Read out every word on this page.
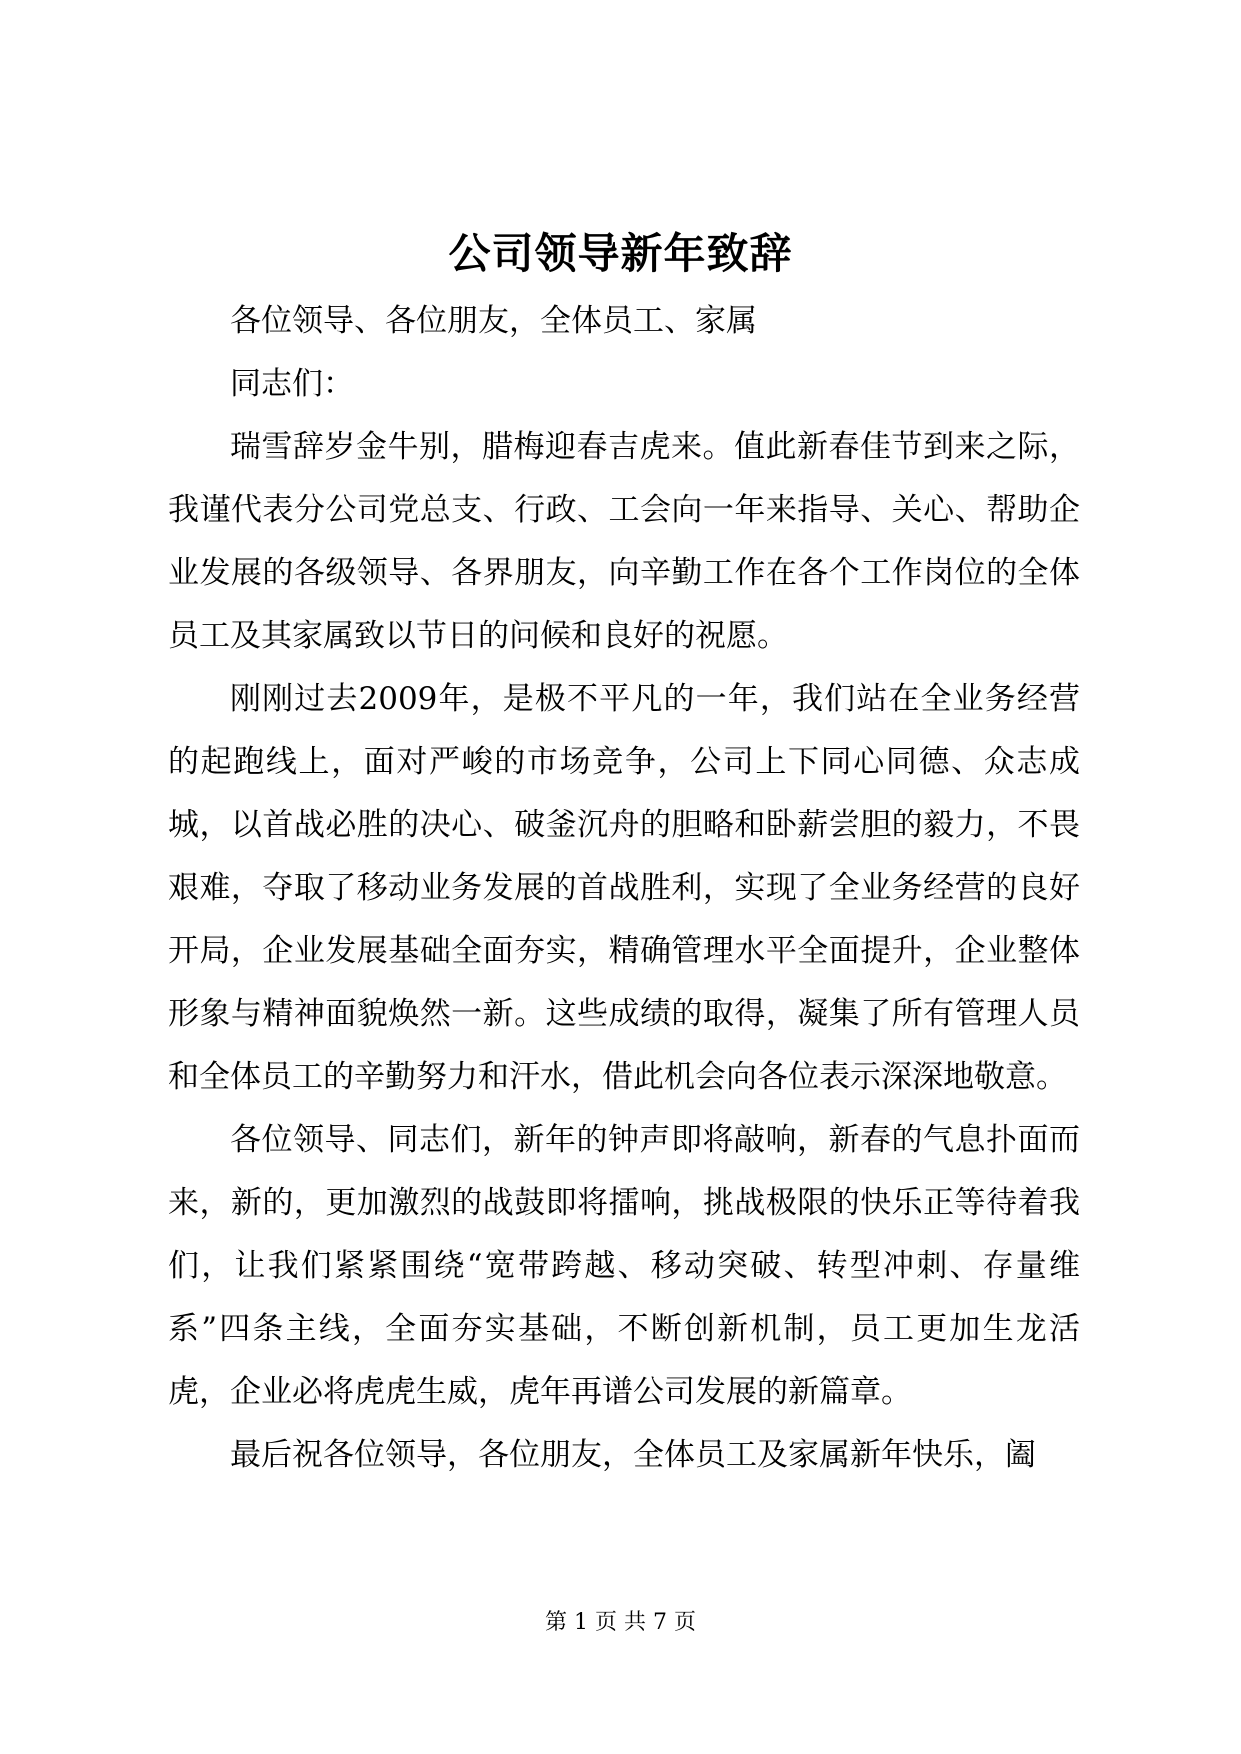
公司领导新年致辞

各位领导、各位朋友，全体员工、家属

同志们：

瑞雪辞岁金牛别，腊梅迎春吉虎来。值此新春佳节到来之际，我谨代表分公司党总支、行政、工会向一年来指导、关心、帮助企业发展的各级领导、各界朋友，向辛勤工作在各个工作岗位的全体员工及其家属致以节日的问候和良好的祝愿。

刚刚过去2009年，是极不平凡的一年，我们站在全业务经营的起跑线上，面对严峻的市场竞争，公司上下同心同德、众志成城，以首战必胜的决心、破釜沉舟的胆略和卧薪尝胆的毅力，不畏艰难，夺取了移动业务发展的首战胜利，实现了全业务经营的良好开局，企业发展基础全面夯实，精确管理水平全面提升，企业整体形象与精神面貌焕然一新。这些成绩的取得，凝集了所有管理人员和全体员工的辛勤努力和汗水，借此机会向各位表示深深地敬意。

各位领导、同志们，新年的钟声即将敲响，新春的气息扑面而来，新的，更加激烈的战鼓即将擂响，挑战极限的快乐正等待着我们，让我们紧紧围绕“宽带跨越、移动突破、转型冲刺、存量维系”四条主线，全面夯实基础，不断创新机制，员工更加生龙活虎，企业必将虎虎生威，虎年再谱公司发展的新篇章。

最后祝各位领导，各位朋友，全体员工及家属新年快乐，阖

第 1 页 共 7 页
